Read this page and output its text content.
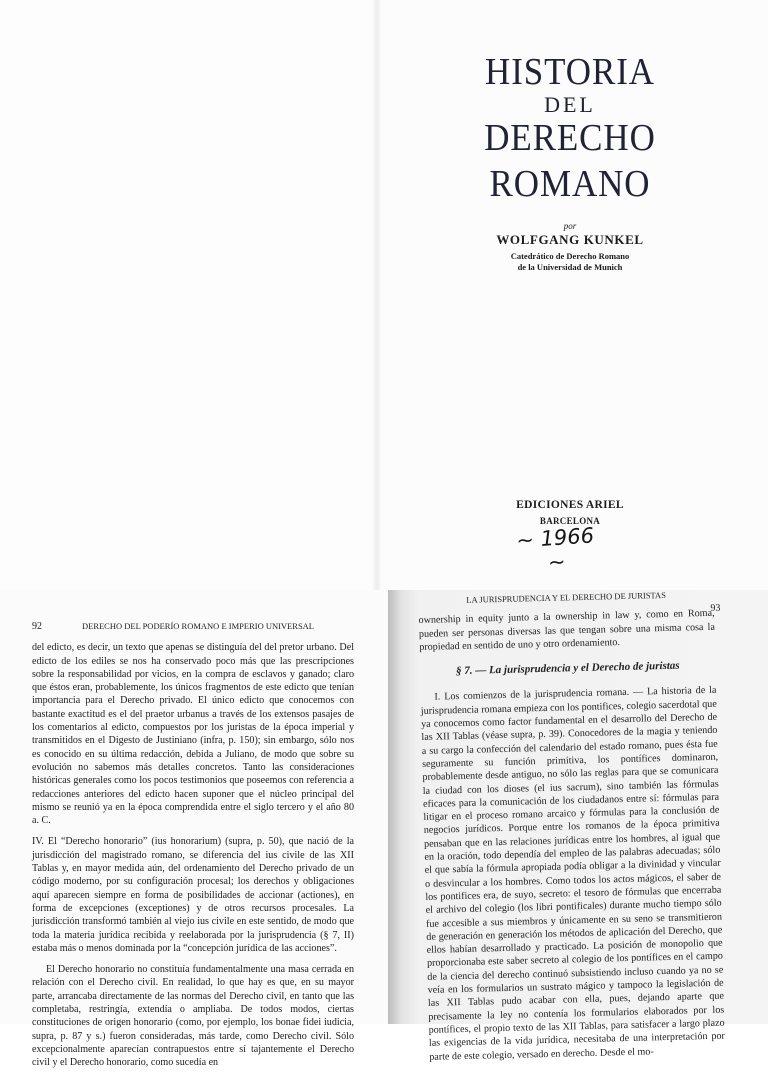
HISTORIA
DEL
DERECHO
ROMANO
por
WOLFGANG KUNKEL
Catedrático de Derecho Romano
de la Universidad de Munich
EDICIONES ARIEL
BARCELONA
~ 1966 ~
92	DERECHO DEL PODERÍO ROMANO E IMPERIO UNIVERSAL

del edicto, es decir, un texto que apenas se distinguía del del pretor urbano. Del edicto de los ediles se nos ha conservado poco más que las prescripciones sobre la responsabilidad por vicios, en la compra de esclavos y ganado; claro que éstos eran, probablemente, los únicos fragmentos de este edicto que tenían importancia para el Derecho privado. El único edicto que conocemos con bastante exactitud es el del praetor urbanus a través de los extensos pasajes de los comentarios al edicto, compuestos por los juristas de la época imperial y transmitidos en el Digesto de Justiniano (infra, p. 150); sin embargo, sólo nos es conocido en su última redacción, debida a Juliano, de modo que sobre su evolución no sabemos más detalles concretos. Tanto las consideraciones históricas generales como los pocos testimonios que poseemos con referencia a redacciones anteriores del edicto hacen suponer que el núcleo principal del mismo se reunió ya en la época comprendida entre el siglo tercero y el año 80 a. C.

IV. El “Derecho honorario” (ius honorarium) (supra, p. 50), que nació de la jurisdicción del magistrado romano, se diferencia del ius civile de las XII Tablas y, en mayor medida aún, del ordenamiento del Derecho privado de un código moderno, por su configuración procesal; los derechos y obligaciones aquí aparecen siempre en forma de posibilidades de accionar (actiones), en forma de excepciones (exceptiones) y de otros recursos procesales. La jurisdicción transformó también al viejo ius civile en este sentido, de modo que toda la materia jurídica recibida y reelaborada por la jurisprudencia (§ 7, II) estaba más o menos dominada por la “concepción jurídica de las acciones”.

El Derecho honorario no constituía fundamentalmente una masa cerrada en relación con el Derecho civil. En realidad, lo que hay es que, en su mayor parte, arrancaba directamente de las normas del Derecho civil, en tanto que las completaba, restringía, extendía o ampliaba. De todos modos, ciertas constituciones de origen honorario (como, por ejemplo, los bonae fidei iudicia, supra, p. 87 y s.) fueron consideradas, más tarde, como Derecho civil. Sólo excepcionalmente aparecían contrapuestos entre sí tajantemente el Derecho civil y el Derecho honorario, como sucedía en

LA JURISPRUDENCIA Y EL DERECHO DE JURISTAS
93

ownership in equity junto a la ownership in law y, como en Roma, pueden ser personas diversas las que tengan sobre una misma cosa la propiedad en sentido de uno y otro ordenamiento.

§ 7. — La jurisprudencia y el Derecho de juristas

I. Los comienzos de la jurisprudencia romana. — La historia de la jurisprudencia romana empieza con los pontifices, colegio sacerdotal que ya conocemos como factor fundamental en el desarrollo del Derecho de las XII Tablas (véase supra, p. 39). Conocedores de la magia y teniendo a su cargo la confección del calendario del estado romano, pues ésta fue seguramente su función primitiva, los pontífices dominaron, probablemente desde antiguo, no sólo las reglas para que se comunicara la ciudad con los dioses (el ius sacrum), sino también las fórmulas eficaces para la comunicación de los ciudadanos entre sí: fórmulas para litigar en el proceso romano arcaico y fórmulas para la conclusión de negocios jurídicos. Porque entre los romanos de la época primitiva pensaban que en las relaciones jurídicas entre los hombres, al igual que en la oración, todo dependía del empleo de las palabras adecuadas; sólo el que sabía la fórmula apropiada podía obligar a la divinidad y vincular o desvincular a los hombres. Como todos los actos mágicos, el saber de los pontifices era, de suyo, secreto: el tesoro de fórmulas que encerraba el archivo del colegio (los libri pontificales) durante mucho tiempo sólo fue accesible a sus miembros y únicamente en su seno se transmitieron de generación en generación los métodos de aplicación del Derecho, que ellos habían desarrollado y practicado. La posición de monopolio que proporcionaba este saber secreto al colegio de los pontífices en el campo de la ciencia del derecho continuó subsistiendo incluso cuando ya no se veía en los formularios un sustrato mágico y tampoco la legislación de las XII Tablas pudo acabar con ella, pues, dejando aparte que precisamente la ley no contenía los formularios elaborados por los pontífices, el propio texto de las XII Tablas, para satisfacer a largo plazo las exigencias de la vida jurídica, necesitaba de una interpretación por parte de este colegio, versado en derecho. Desde el mo-
